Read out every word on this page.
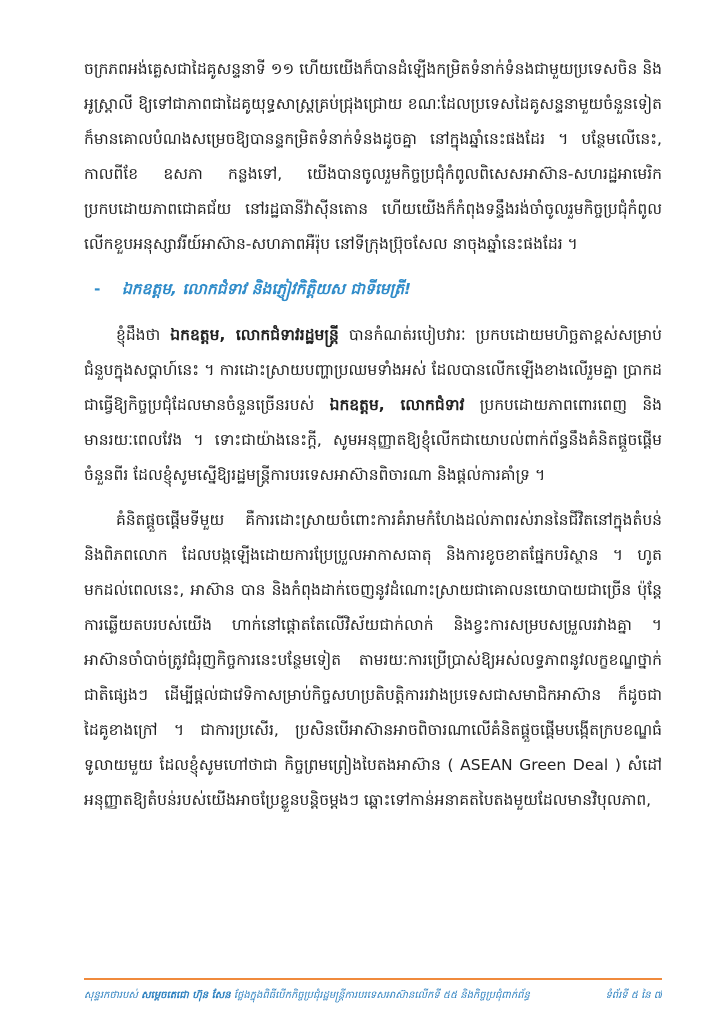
ចក្រភពអង់គ្លេសជាដៃគូសន្ទនាទី ១១ ហើយយើងក៏បានដំឡើងកម្រិតទំនាក់ទំនងជាមួយប្រទេសចិន និងអូស្ត្រាលី ឱ្យទៅជាភាពជាដៃគូយុទ្ធសាស្ត្រគ្រប់ជ្រុងជ្រោយ ខណៈដែលប្រទេសដៃគូសន្ទនាមួយចំនួនទៀត ក៏មានគោលបំណងសម្រេចឱ្យបានន្ទកម្រិតទំនាក់ទំនងដូចគ្នា នៅក្នុងឆ្នាំនេះផងដែរ ។ បន្ថែមលើនេះ, កាលពីខែ ឧសភា កន្លងទៅ, យើងបានចូលរួមកិច្ចប្រជុំកំពូលពិសេសអាស៊ាន-សហរដ្ឋអាមេរិក ប្រកបដោយភាពជោគជ័យ នៅរដ្ឋធានីវ៉ាស៊ីនតោន ហើយយើងក៏កំពុងទន្ទឹងរង់ចាំចូលរួមកិច្ចប្រជុំកំពូលលើកខួបអនុស្សាវរីយ៍អាស៊ាន-សហភាពអឺរ៉ុប នៅទីក្រុងប្រ៊ុចសែល នាចុងឆ្នាំនេះផងដែរ ។

- ឯកឧត្តម, លោកជំទាវ និងភ្ញៀវកិត្តិយស ជាទីមេត្រី!

ខ្ញុំដឹងថា ឯកឧត្តម, លោកជំទាវរដ្ឋមន្ត្រី បានកំណត់របៀបវារៈ ប្រកបដោយមហិច្ឆតាខ្ពស់សម្រាប់ជំនួបក្នុងសប្តាហ៍នេះ ។ ការដោះស្រាយបញ្ហាប្រឈមទាំងអស់ ដែលបានលើកឡើងខាងលើរួមគ្នា ប្រាកដជាធ្វើឱ្យកិច្ចប្រជុំដែលមានចំនួនច្រើនរបស់ ឯកឧត្តម, លោកជំទាវ ប្រកបដោយភាពពោរពេញ និងមានរយៈពេលវែង ។ ទោះជាយ៉ាងនេះក្តី, សូមអនុញ្ញាតឱ្យខ្ញុំលើកជាយោបល់ពាក់ព័ន្ធនឹងគំនិតផ្តួចផ្តើមចំនួនពីរ ដែលខ្ញុំសូមស្នើឱ្យរដ្ឋមន្ត្រីការបរទេសអាស៊ានពិចារណា និងផ្តល់ការគាំទ្រ ។

គំនិតផ្តួចផ្តើមទីមួយ គឺការដោះស្រាយចំពោះការគំរាមកំហែងដល់ភាពរស់រាននៃជីវិតនៅក្នុងតំបន់ និងពិភពលោក ដែលបង្កឡើងដោយការប្រែប្រួលអាកាសធាតុ និងការខូចខាតផ្នែកបរិស្ថាន ។ ហូតមកដល់ពេលនេះ, អាស៊ាន បាន និងកំពុងដាក់ចេញនូវដំណោះស្រាយជាគោលនយោបាយជាច្រើន ប៉ុន្តែការឆ្លើយតបរបស់យើង ហាក់នៅផ្តោតតែលើវិស័យជាក់លាក់ និងខ្វះការសម្របសម្រួលរវាងគ្នា ។ អាស៊ានចាំបាច់ត្រូវជំរុញកិច្ចការនេះបន្ថែមទៀត តាមរយៈការប្រើប្រាស់ឱ្យអស់លទ្ធភាពនូវលក្ខខណ្ឌថ្នាក់ជាតិផ្សេងៗ ដើម្បីផ្តល់ជាវេទិកាសម្រាប់កិច្ចសហប្រតិបត្តិការរវាងប្រទេសជាសមាជិកអាស៊ាន ក៏ដូចជាដៃគូខាងក្រៅ ។ ជាការប្រសើរ, ប្រសិនបើអាស៊ានអាចពិចារណាលើគំនិតផ្តួចផ្តើមបង្កើតក្របខណ្ឌធំទូលាយមួយ ដែលខ្ញុំសូមហៅថាជា កិច្ចព្រមព្រៀងបៃតងអាស៊ាន ( ASEAN Green Deal ) សំដៅអនុញ្ញាតឱ្យតំបន់របស់យើងអាចប្រែខ្លួនបន្តិចម្តងៗ ឆ្ពោះទៅកាន់អនាគតបៃតងមួយដែលមានវិបុលភាព,

សុន្ទរកថារបស់ សម្តេចតេជោ ហ៊ុន សែន ថ្លែងក្នុងពិធីបើកកិច្ចប្រជុំរដ្ឋមន្ត្រីការបរទេសអាស៊ានលើកទី ៥៥ និងកិច្ចប្រជុំពាក់ព័ន្ធ	ទំព័រទី ៥ នៃ ៧
